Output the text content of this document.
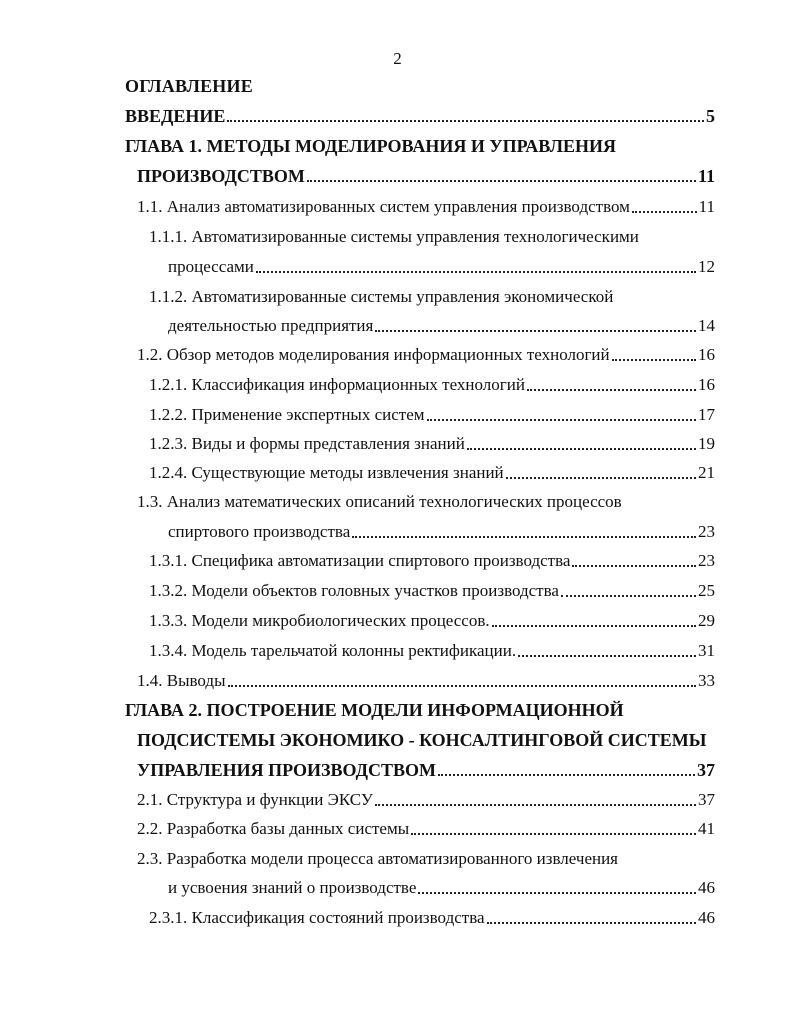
2
ОГЛАВЛЕНИЕ
ВВЕДЕНИЕ	5
ГЛАВА 1. МЕТОДЫ МОДЕЛИРОВАНИЯ И УПРАВЛЕНИЯ
ПРОИЗВОДСТВОМ	11
1.1. Анализ автоматизированных систем управления производством	11
1.1.1. Автоматизированные системы управления технологическими
процессами	12
1.1.2. Автоматизированные системы управления экономической
деятельностью предприятия	14
1.2. Обзор методов моделирования информационных технологий	16
1.2.1. Классификация информационных технологий	16
1.2.2. Применение экспертных систем	17
1.2.3. Виды и формы представления знаний	19
1.2.4. Существующие методы извлечения знаний	21
1.3. Анализ математических описаний технологических процессов
спиртового производства	23
1.3.1. Специфика автоматизации спиртового производства	23
1.3.2. Модели объектов головных участков производства	25
1.3.3. Модели микробиологических процессов.	29
1.3.4. Модель тарельчатой колонны ректификации.	31
1.4. Выводы	33
ГЛАВА 2. ПОСТРОЕНИЕ МОДЕЛИ ИНФОРМАЦИОННОЙ
ПОДСИСТЕМЫ ЭКОНОМИКО - КОНСАЛТИНГОВОЙ СИСТЕМЫ
УПРАВЛЕНИЯ ПРОИЗВОДСТВОМ	37
2.1. Структура и функции ЭКСУ	37
2.2. Разработка базы данных системы	41
2.3. Разработка модели процесса автоматизированного извлечения
и усвоения знаний о производстве	46
2.3.1. Классификация состояний производства	46
